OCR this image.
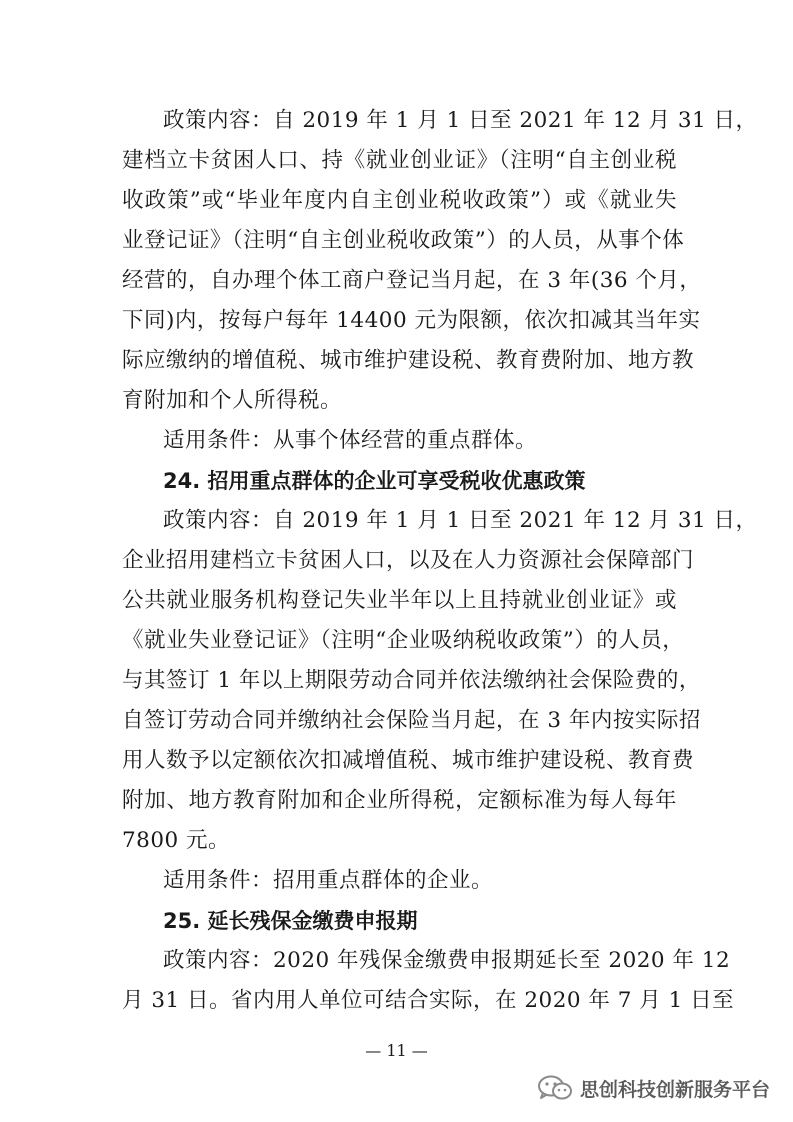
政策内容：自 2019 年 1 月 1 日至 2021 年 12 月 31 日，
建档立卡贫困人口、持《就业创业证》（注明“自主创业税
收政策”或“毕业年度内自主创业税收政策”）或《就业失
业登记证》（注明“自主创业税收政策”）的人员，从事个体
经营的，自办理个体工商户登记当月起，在 3 年(36 个月，
下同)内，按每户每年 14400 元为限额，依次扣减其当年实
际应缴纳的增值税、城市维护建设税、教育费附加、地方教
育附加和个人所得税。
适用条件：从事个体经营的重点群体。
24. 招用重点群体的企业可享受税收优惠政策
政策内容：自 2019 年 1 月 1 日至 2021 年 12 月 31 日，
企业招用建档立卡贫困人口，以及在人力资源社会保障部门
公共就业服务机构登记失业半年以上且持就业创业证》或
《就业失业登记证》（注明“企业吸纳税收政策”）的人员，
与其签订 1 年以上期限劳动合同并依法缴纳社会保险费的，
自签订劳动合同并缴纳社会保险当月起，在 3 年内按实际招
用人数予以定额依次扣减增值税、城市维护建设税、教育费
附加、地方教育附加和企业所得税，定额标准为每人每年
7800 元。
适用条件：招用重点群体的企业。
25. 延长残保金缴费申报期
政策内容：2020 年残保金缴费申报期延长至 2020 年 12
月 31 日。省内用人单位可结合实际，在 2020 年 7 月 1 日至
— 11 —
思创科技创新服务平台
